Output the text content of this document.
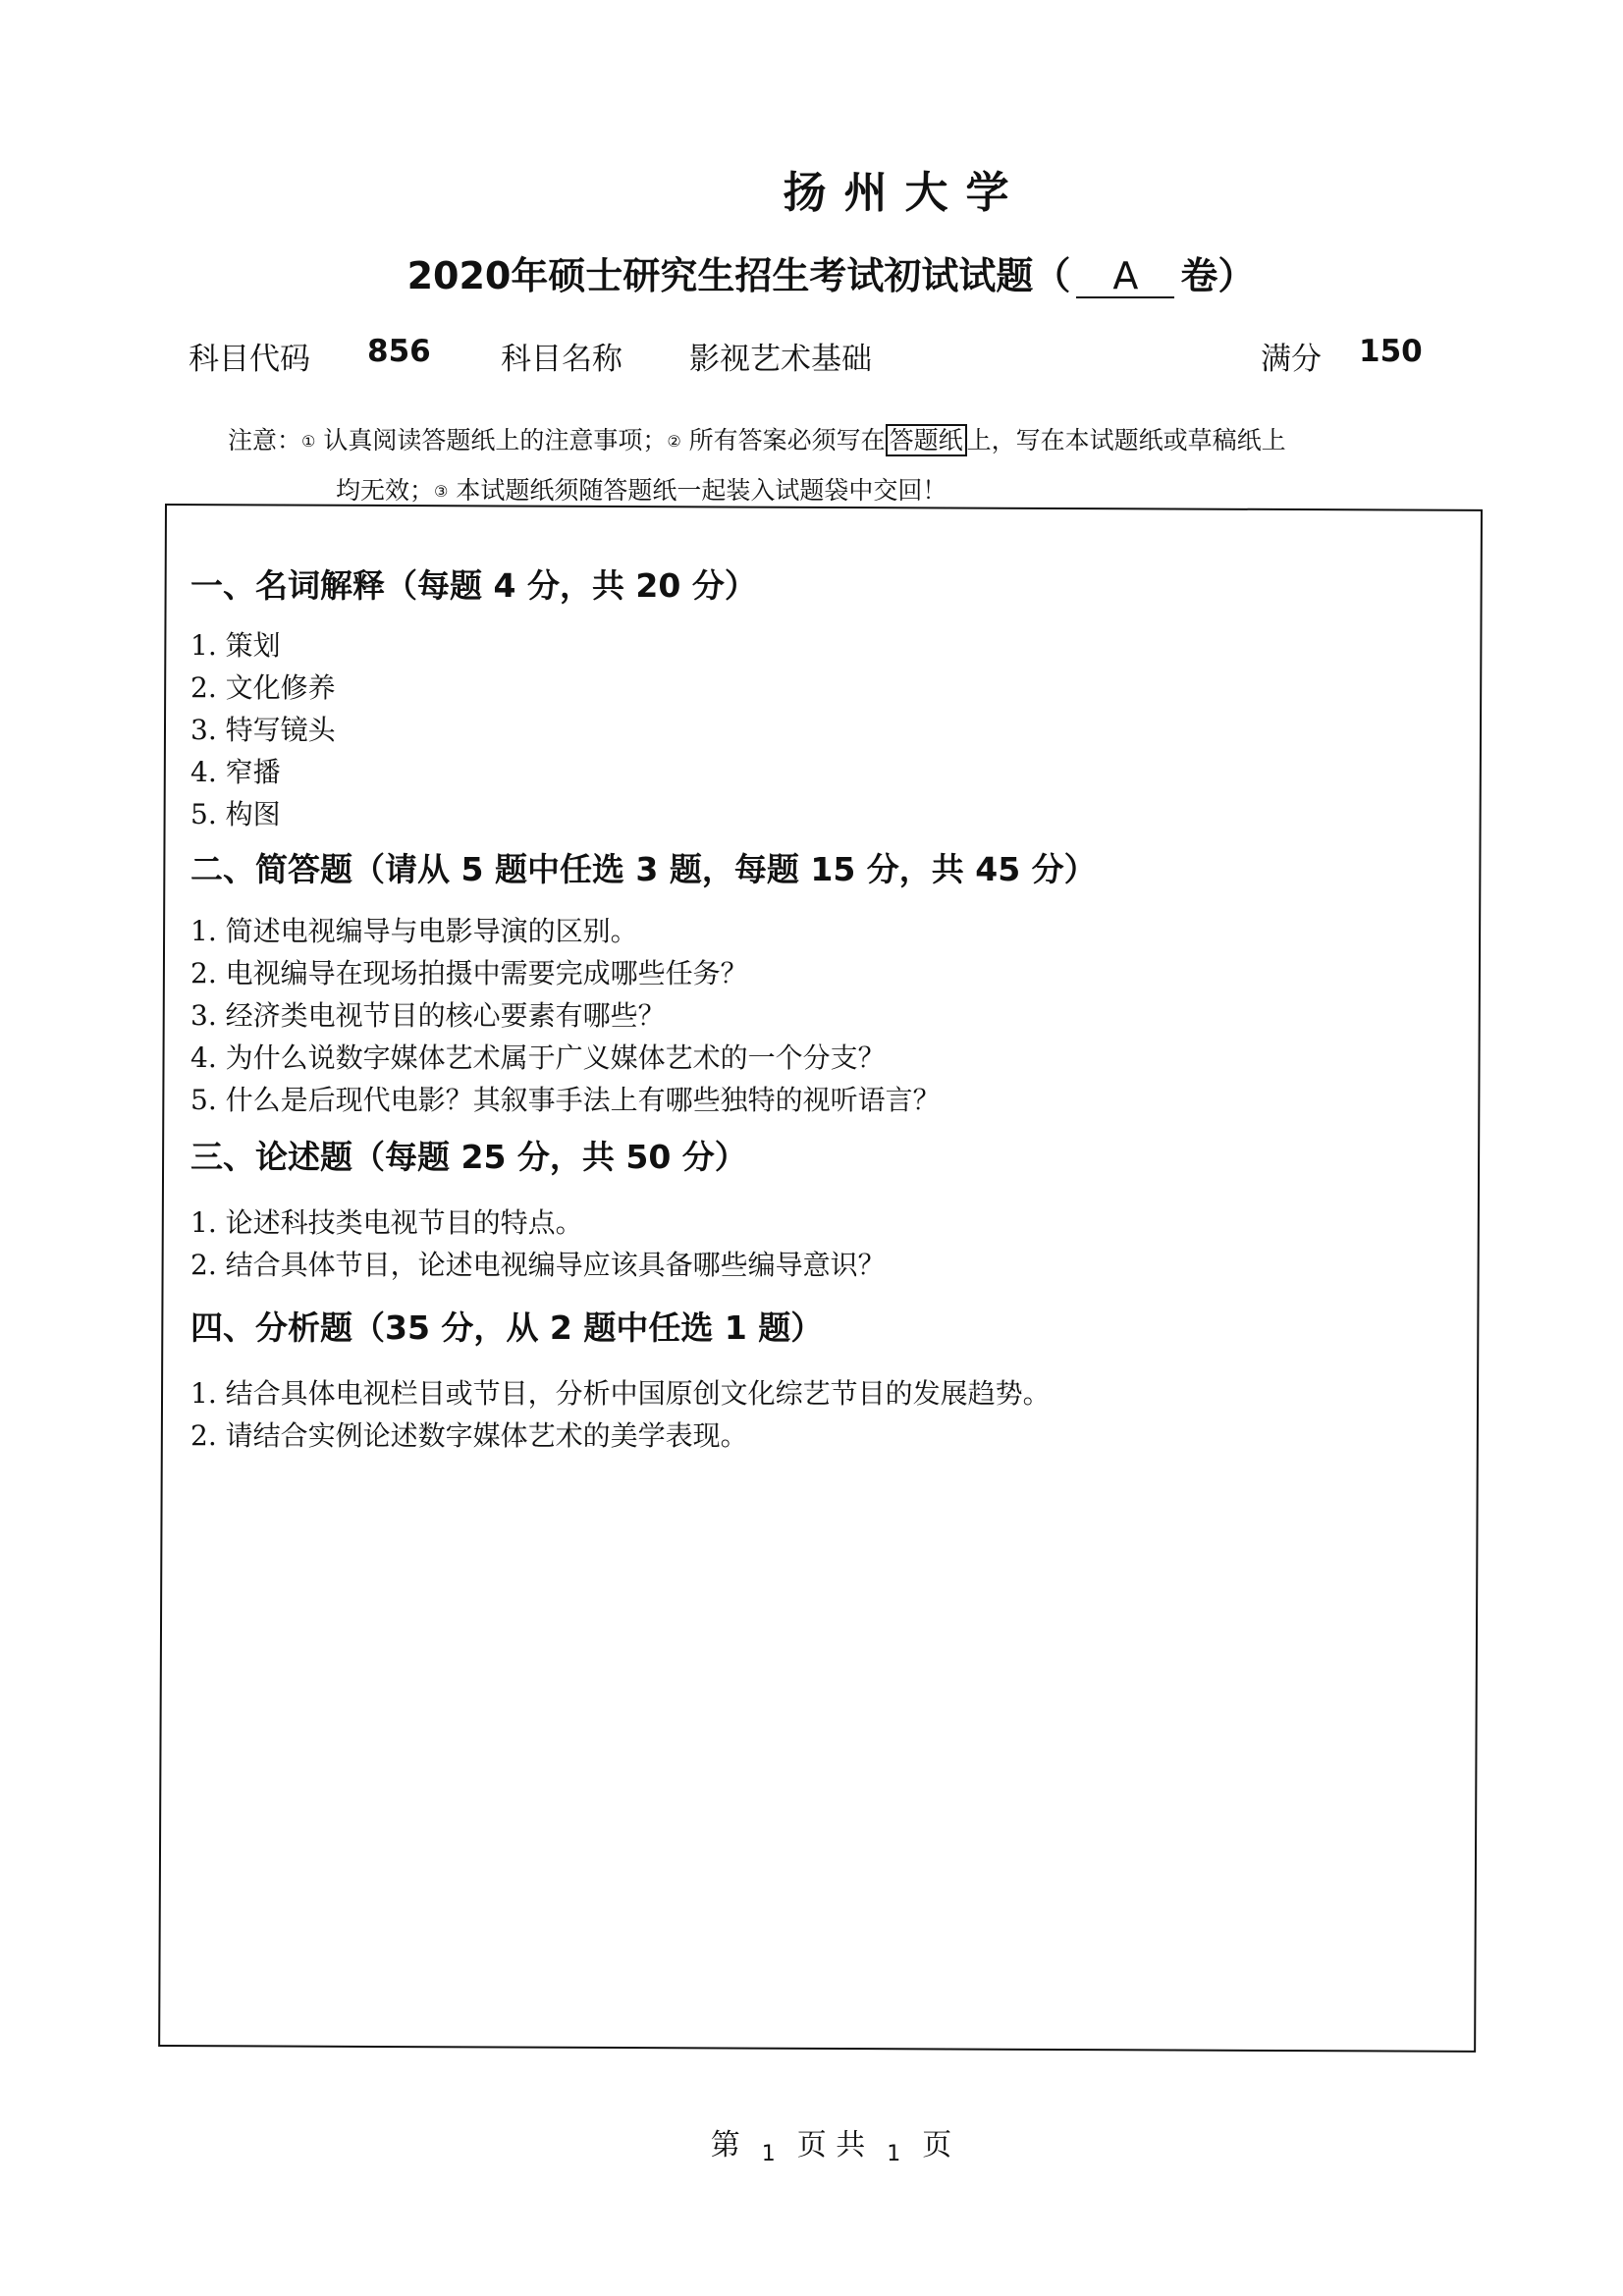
扬州大学
2020年硕士研究生招生考试初试试题（ A 卷）
科目代码 856 科目名称 影视艺术基础	满分 150
注意：① 认真阅读答题纸上的注意事项；② 所有答案必须写在 答题纸 上，写在本试题纸或草稿纸上
均无效；③ 本试题纸须随答题纸一起装入试题袋中交回！

一、名词解释（每题 4 分，共 20 分）

1. 策划

2. 文化修养

3. 特写镜头

4. 窄播

5. 构图

二、简答题（请从 5 题中任选 3 题，每题 15 分，共 45 分）

1. 简述电视编导与电影导演的区别。

2. 电视编导在现场拍摄中需要完成哪些任务？

3. 经济类电视节目的核心要素有哪些？

4. 为什么说数字媒体艺术属于广义媒体艺术的一个分支？

5. 什么是后现代电影？其叙事手法上有哪些独特的视听语言？

三、论述题（每题 25 分，共 50 分）

1. 论述科技类电视节目的特点。

2. 结合具体节目，论述电视编导应该具备哪些编导意识？

四、分析题（35 分，从 2 题中任选 1 题）

1. 结合具体电视栏目或节目，分析中国原创文化综艺节目的发展趋势。

2. 请结合实例论述数字媒体艺术的美学表现。

第 1 页 共 1 页
